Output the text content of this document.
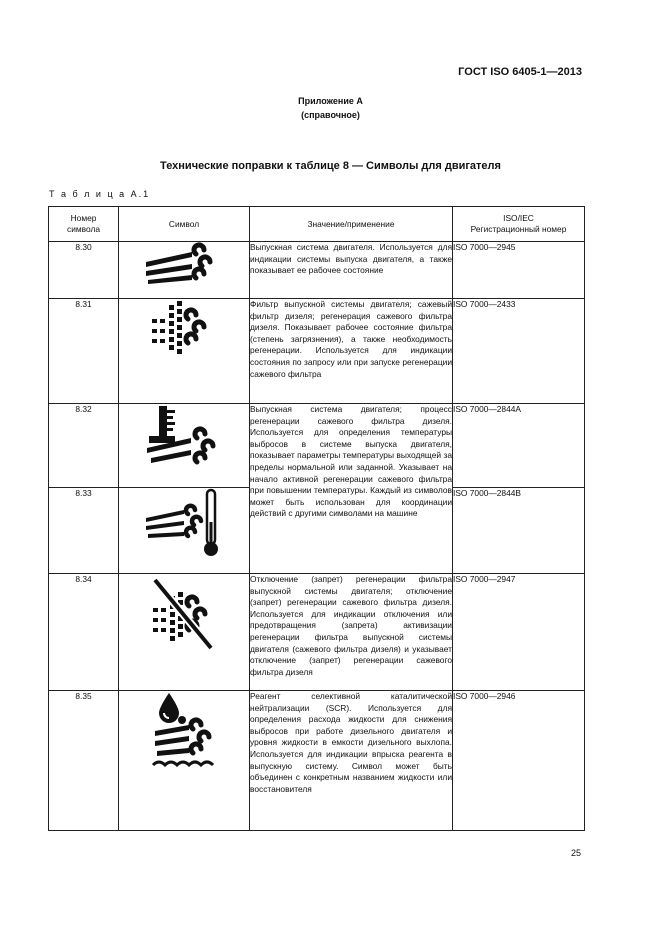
ГОСТ ISO 6405-1—2013
Приложение А
(справочное)
Технические поправки к таблице 8 — Символы для двигателя
Т а б л и ц а А.1
Номер символа	Символ	Значение/применение	ISO/IEC
Регистрационный номер

8.30		Выпускная система двигателя. Используется для индикации системы выпуска двигателя, а также показывает ее рабочее состояние	ISO 7000—2945
8.31		Фильтр выпускной системы двигателя; сажевый фильтр дизеля; регенерация сажевого фильтра дизеля. Показывает рабочее состояние фильтра (степень загрязнения), а также необходимость регенерации. Используется для индикации состояния по запросу или при запуске регенерации сажевого фильтра	ISO 7000—2433
8.32		Выпускная система двигателя; процесс регенерации сажевого фильтра дизеля. Используется для определения температуры выбросов в системе выпуска двигателя, показывает параметры температуры выходящей за пределы нормальной или заданной. Указывает на начало активной регенерации сажевого фильтра при повышении температуры. Каждый из символов может быть использован для координации действий с другими символами на машине	ISO 7000—2844A
8.33			ISO 7000—2844B
8.34		Отключение (запрет) регенерации фильтра выпускной системы двигателя; отключение (запрет) регенерации сажевого фильтра дизеля. Используется для индикации отключения или предотвращения (запрета) активизации регенерации фильтра выпускной системы двигателя (сажевого фильтра дизеля) и указывает отключение (запрет) регенерации сажевого фильтра дизеля	ISO 7000—2947
8.35		Реагент селективной каталитической нейтрализации (SCR). Используется для определения расхода жидкости для снижения выбросов при работе дизельного двигателя и уровня жидкости в емкости дизельного выхлопа. Используется для индикации впрыска реагента в выпускную систему. Символ может быть объединен с конкретным названием жидкости или восстановителя	ISO 7000—2946
25
